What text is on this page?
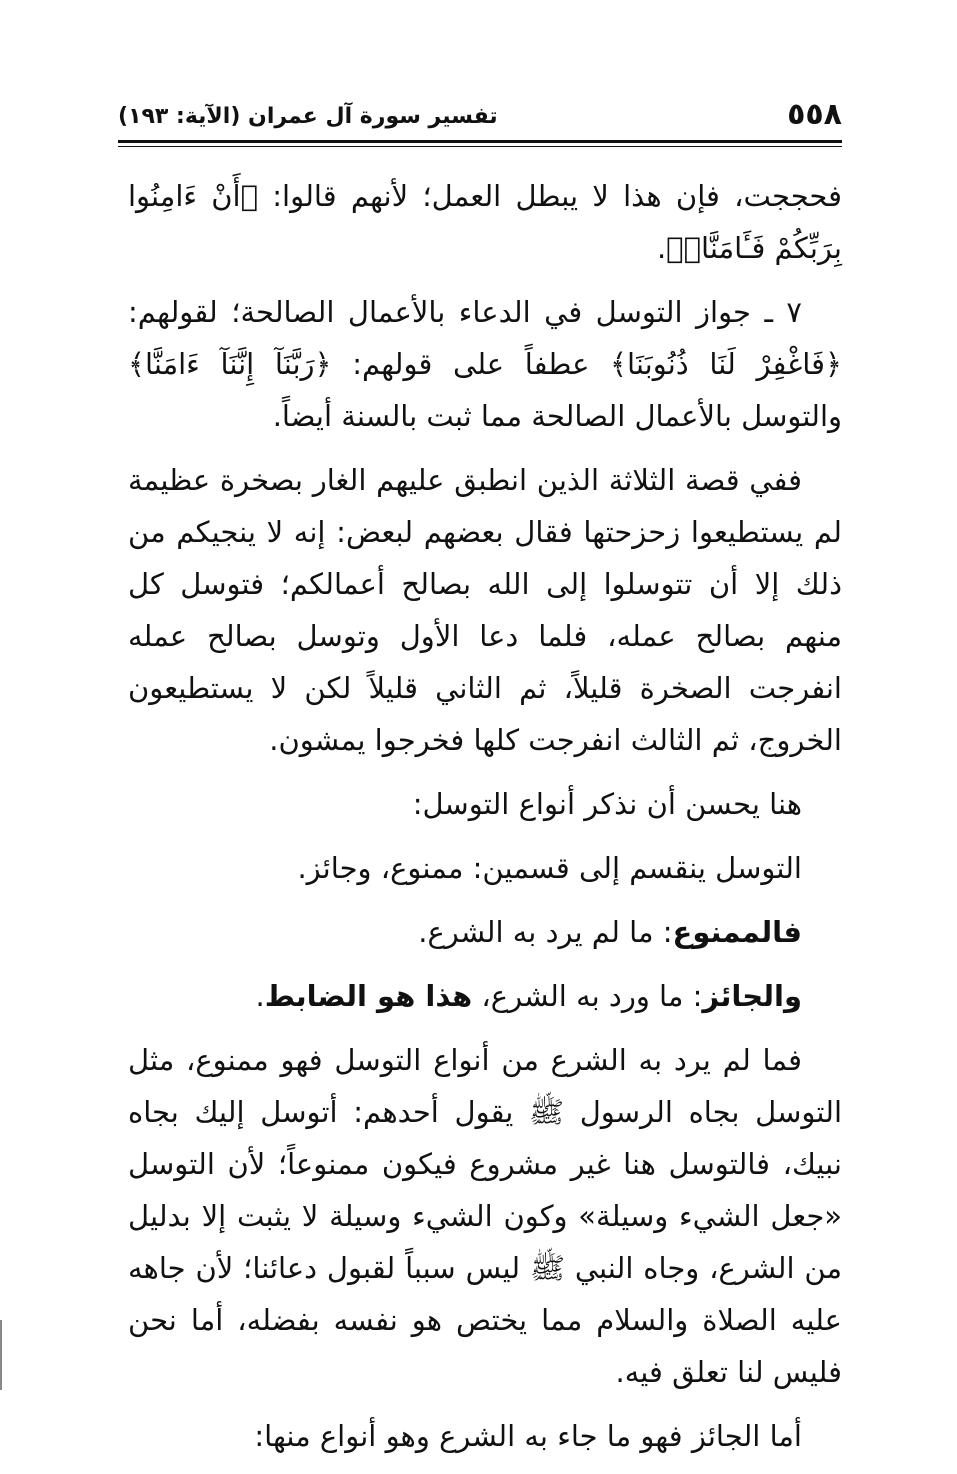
٥٥٨
تفسير سورة آل عمران (الآية: ١٩٣)

فحججت، فإن هذا لا يبطل العمل؛ لأنهم قالوا: ﴿أَنْ ءَامِنُوا بِرَبِّكُمْ فَـَٔامَنَّاۚ﴾.

٧ ـ جواز التوسل في الدعاء بالأعمال الصالحة؛ لقولهم: ﴿فَاغْفِرْ لَنَا ذُنُوبَنَا﴾ عطفاً على قولهم: ﴿رَبَّنَآ إِنَّنَآ ءَامَنَّا﴾ والتوسل بالأعمال الصالحة مما ثبت بالسنة أيضاً.

ففي قصة الثلاثة الذين انطبق عليهم الغار بصخرة عظيمة لم يستطيعوا زحزحتها فقال بعضهم لبعض: إنه لا ينجيكم من ذلك إلا أن تتوسلوا إلى الله بصالح أعمالكم؛ فتوسل كل منهم بصالح عمله، فلما دعا الأول وتوسل بصالح عمله انفرجت الصخرة قليلاً، ثم الثاني قليلاً لكن لا يستطيعون الخروج، ثم الثالث انفرجت كلها فخرجوا يمشون.

هنا يحسن أن نذكر أنواع التوسل:

التوسل ينقسم إلى قسمين: ممنوع، وجائز.

فالممنوع: ما لم يرد به الشرع.

والجائز: ما ورد به الشرع، هذا هو الضابط.

فما لم يرد به الشرع من أنواع التوسل فهو ممنوع، مثل التوسل بجاه الرسول ﷺ يقول أحدهم: أتوسل إليك بجاه نبيك، فالتوسل هنا غير مشروع فيكون ممنوعاً؛ لأن التوسل «جعل الشيء وسيلة» وكون الشيء وسيلة لا يثبت إلا بدليل من الشرع، وجاه النبي ﷺ ليس سبباً لقبول دعائنا؛ لأن جاهه عليه الصلاة والسلام مما يختص هو نفسه بفضله، أما نحن فليس لنا تعلق فيه.

أما الجائز فهو ما جاء به الشرع وهو أنواع منها:
